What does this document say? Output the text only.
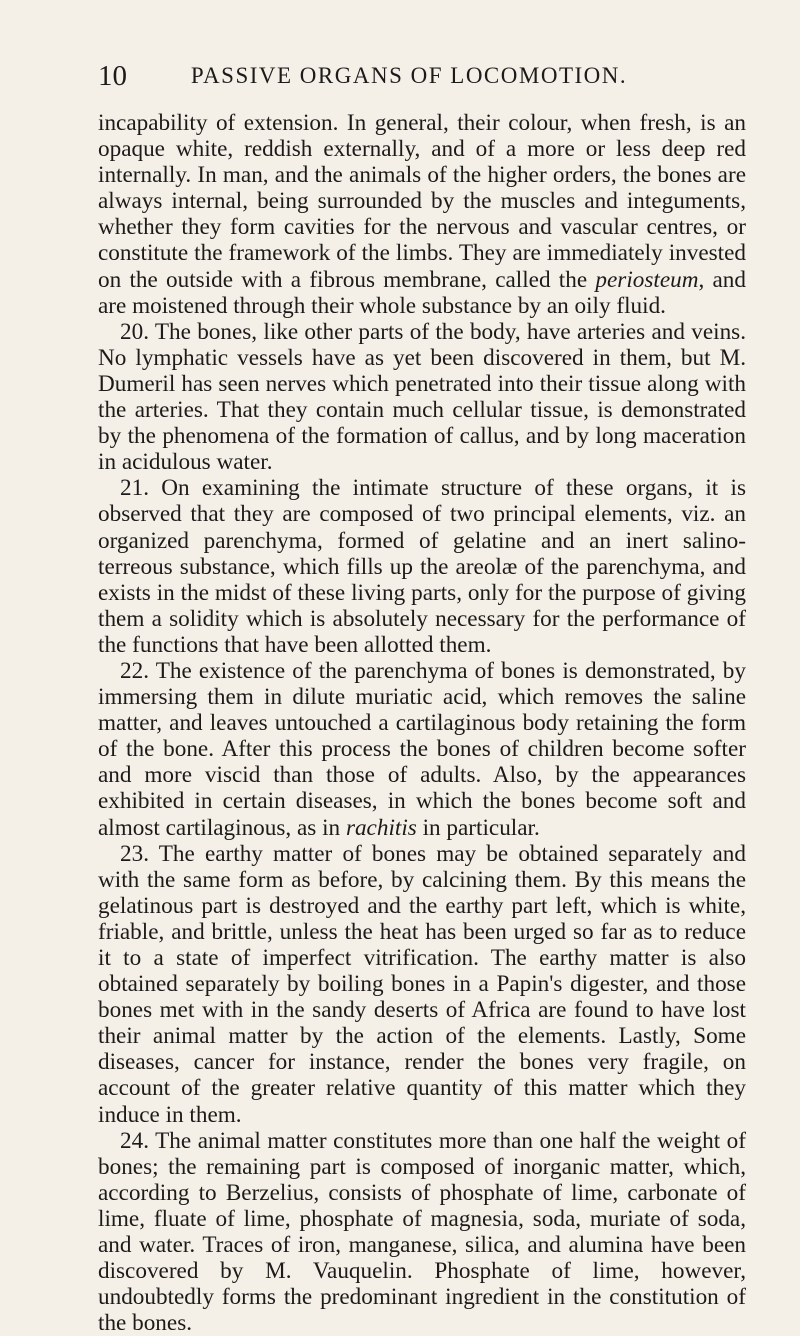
10	PASSIVE ORGANS OF LOCOMOTION.

incapability of extension. In general, their colour, when fresh, is an opaque white, reddish externally, and of a more or less deep red internally. In man, and the animals of the higher orders, the bones are always internal, being surrounded by the muscles and integuments, whether they form cavities for the nervous and vascular centres, or constitute the framework of the limbs. They are immediately invested on the outside with a fibrous membrane, called the periosteum, and are moistened through their whole substance by an oily fluid.

20. The bones, like other parts of the body, have arteries and veins. No lymphatic vessels have as yet been discovered in them, but M. Dumeril has seen nerves which penetrated into their tissue along with the arteries. That they contain much cellular tissue, is demonstrated by the phenomena of the formation of callus, and by long maceration in acidulous water.

21. On examining the intimate structure of these organs, it is observed that they are composed of two principal elements, viz. an organized parenchyma, formed of gelatine and an inert salino-terreous substance, which fills up the areolæ of the parenchyma, and exists in the midst of these living parts, only for the purpose of giving them a solidity which is absolutely necessary for the performance of the functions that have been allotted them.

22. The existence of the parenchyma of bones is demonstrated, by immersing them in dilute muriatic acid, which removes the saline matter, and leaves untouched a cartilaginous body retaining the form of the bone. After this process the bones of children become softer and more viscid than those of adults. Also, by the appearances exhibited in certain diseases, in which the bones become soft and almost cartilaginous, as in rachitis in particular.

23. The earthy matter of bones may be obtained separately and with the same form as before, by calcining them. By this means the gelatinous part is destroyed and the earthy part left, which is white, friable, and brittle, unless the heat has been urged so far as to reduce it to a state of imperfect vitrification. The earthy matter is also obtained separately by boiling bones in a Papin's digester, and those bones met with in the sandy deserts of Africa are found to have lost their animal matter by the action of the elements. Lastly, Some diseases, cancer for instance, render the bones very fragile, on account of the greater relative quantity of this matter which they induce in them.

24. The animal matter constitutes more than one half the weight of bones; the remaining part is composed of inorganic matter, which, according to Berzelius, consists of phosphate of lime, carbonate of lime, fluate of lime, phosphate of magnesia, soda, muriate of soda, and water. Traces of iron, manganese, silica, and alumina have been discovered by M. Vauquelin. Phosphate of lime, however, undoubtedly forms the predominant ingredient in the constitution of the bones.
